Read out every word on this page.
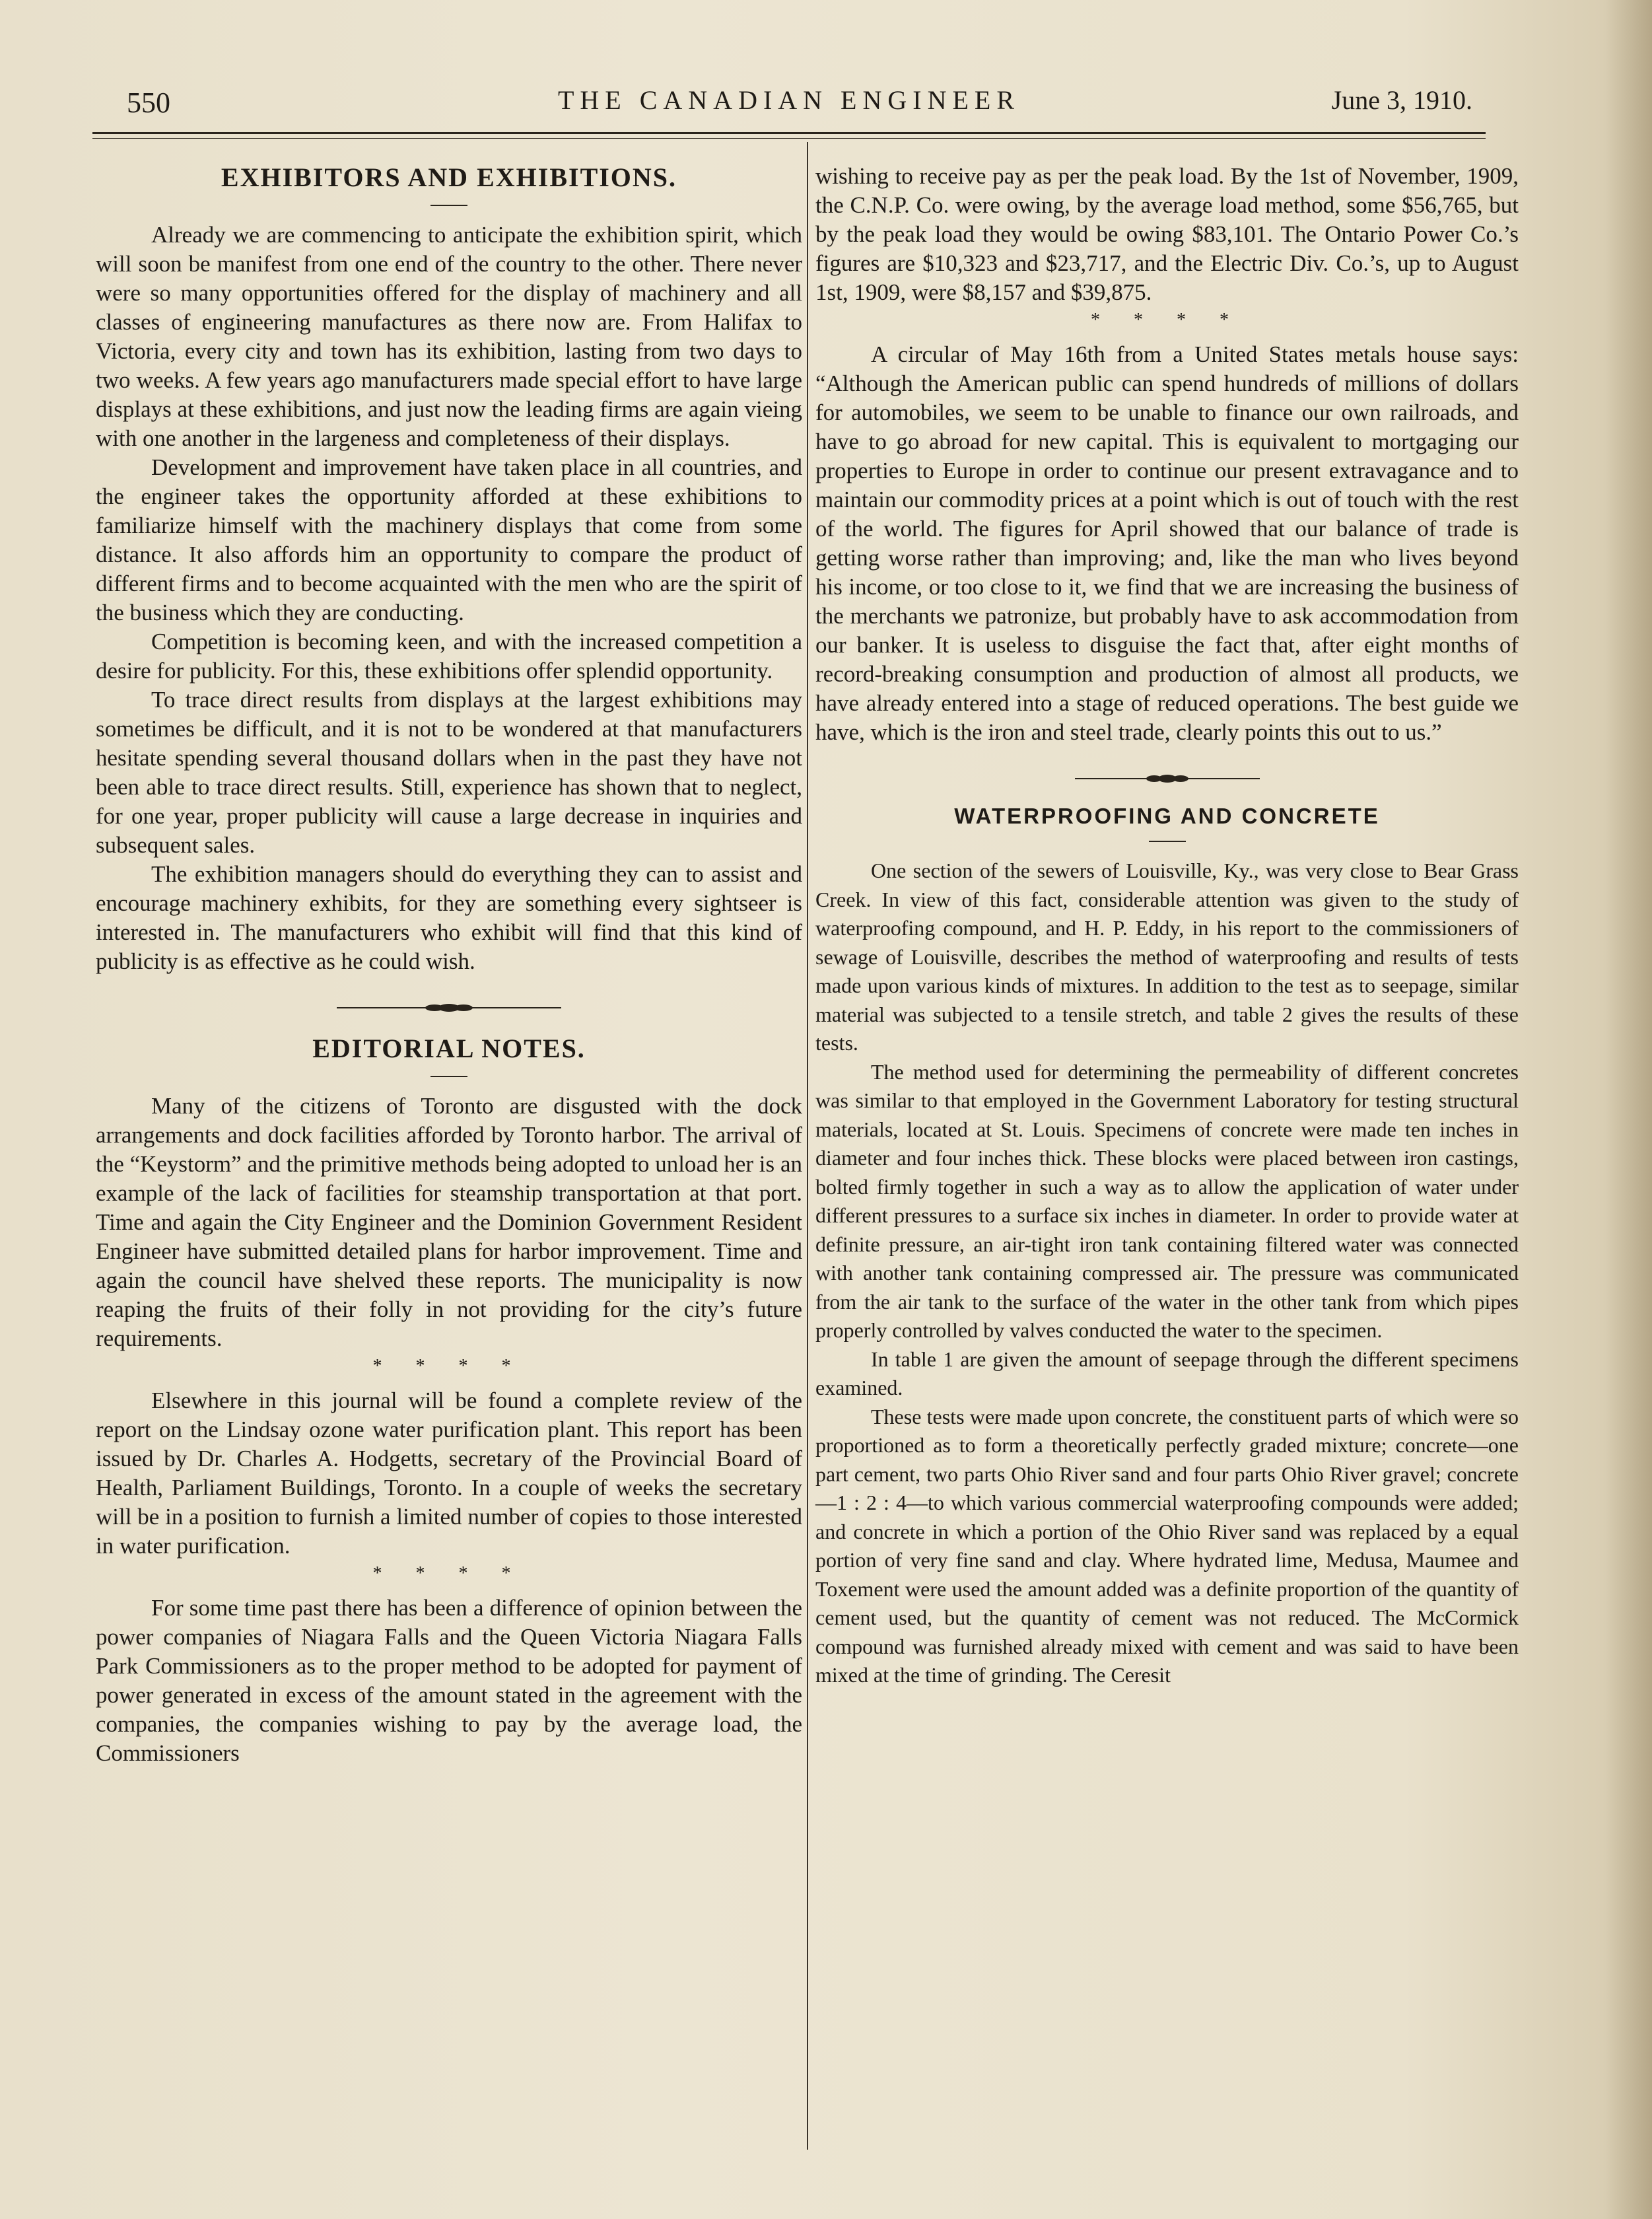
550	THE CANADIAN ENGINEER	June 3, 1910.
EXHIBITORS AND EXHIBITIONS.

Already we are commencing to anticipate the exhibition spirit, which will soon be manifest from one end of the country to the other. There never were so many opportunities offered for the display of machinery and all classes of engineering manufactures as there now are. From Halifax to Victoria, every city and town has its exhibition, lasting from two days to two weeks. A few years ago manufacturers made special effort to have large displays at these exhibitions, and just now the leading firms are again vieing with one another in the largeness and completeness of their displays.

Development and improvement have taken place in all countries, and the engineer takes the opportunity afforded at these exhibitions to familiarize himself with the machinery displays that come from some distance. It also affords him an opportunity to compare the product of different firms and to become acquainted with the men who are the spirit of the business which they are conducting.

Competition is becoming keen, and with the increased competition a desire for publicity. For this, these exhibitions offer splendid opportunity.

To trace direct results from displays at the largest exhibitions may sometimes be difficult, and it is not to be wondered at that manufacturers hesitate spending several thousand dollars when in the past they have not been able to trace direct results. Still, experience has shown that to neglect, for one year, proper publicity will cause a large decrease in inquiries and subsequent sales.

The exhibition managers should do everything they can to assist and encourage machinery exhibits, for they are something every sightseer is interested in. The manufacturers who exhibit will find that this kind of publicity is as effective as he could wish.

EDITORIAL NOTES.

Many of the citizens of Toronto are disgusted with the dock arrangements and dock facilities afforded by Toronto harbor. The arrival of the “Keystorm” and the primitive methods being adopted to unload her is an example of the lack of facilities for steamship transportation at that port. Time and again the City Engineer and the Dominion Government Resident Engineer have submitted detailed plans for harbor improvement. Time and again the council have shelved these reports. The municipality is now reaping the fruits of their folly in not providing for the city’s future requirements.

* * * *

Elsewhere in this journal will be found a complete review of the report on the Lindsay ozone water purification plant. This report has been issued by Dr. Charles A. Hodgetts, secretary of the Provincial Board of Health, Parliament Buildings, Toronto. In a couple of weeks the secretary will be in a position to furnish a limited number of copies to those interested in water purification.

* * * *

For some time past there has been a difference of opinion between the power companies of Niagara Falls and the Queen Victoria Niagara Falls Park Commissioners as to the proper method to be adopted for payment of power generated in excess of the amount stated in the agreement with the companies, the companies wishing to pay by the average load, the Commissioners

wishing to receive pay as per the peak load. By the 1st of November, 1909, the C.N.P. Co. were owing, by the average load method, some $56,765, but by the peak load they would be owing $83,101. The Ontario Power Co.’s figures are $10,323 and $23,717, and the Electric Div. Co.’s, up to August 1st, 1909, were $8,157 and $39,875.

* * * *

A circular of May 16th from a United States metals house says: “Although the American public can spend hundreds of millions of dollars for automobiles, we seem to be unable to finance our own railroads, and have to go abroad for new capital. This is equivalent to mortgaging our properties to Europe in order to continue our present extravagance and to maintain our commodity prices at a point which is out of touch with the rest of the world. The figures for April showed that our balance of trade is getting worse rather than improving; and, like the man who lives beyond his income, or too close to it, we find that we are increasing the business of the merchants we patronize, but probably have to ask accommodation from our banker. It is useless to disguise the fact that, after eight months of record-breaking consumption and production of almost all products, we have already entered into a stage of reduced operations. The best guide we have, which is the iron and steel trade, clearly points this out to us.”

WATERPROOFING AND CONCRETE

One section of the sewers of Louisville, Ky., was very close to Bear Grass Creek. In view of this fact, considerable attention was given to the study of waterproofing compound, and H. P. Eddy, in his report to the commissioners of sewage of Louisville, describes the method of waterproofing and results of tests made upon various kinds of mixtures. In addition to the test as to seepage, similar material was subjected to a tensile stretch, and table 2 gives the results of these tests.

The method used for determining the permeability of different concretes was similar to that employed in the Government Laboratory for testing structural materials, located at St. Louis. Specimens of concrete were made ten inches in diameter and four inches thick. These blocks were placed between iron castings, bolted firmly together in such a way as to allow the application of water under different pressures to a surface six inches in diameter. In order to provide water at definite pressure, an air-tight iron tank containing filtered water was connected with another tank containing compressed air. The pressure was communicated from the air tank to the surface of the water in the other tank from which pipes properly controlled by valves conducted the water to the specimen.

In table 1 are given the amount of seepage through the different specimens examined.

These tests were made upon concrete, the constituent parts of which were so proportioned as to form a theoretically perfectly graded mixture; concrete—one part cement, two parts Ohio River sand and four parts Ohio River gravel; concrete—1 : 2 : 4—to which various commercial waterproofing compounds were added; and concrete in which a portion of the Ohio River sand was replaced by a equal portion of very fine sand and clay. Where hydrated lime, Medusa, Maumee and Toxement were used the amount added was a definite proportion of the quantity of cement used, but the quantity of cement was not reduced. The McCormick compound was furnished already mixed with cement and was said to have been mixed at the time of grinding. The Ceresit
